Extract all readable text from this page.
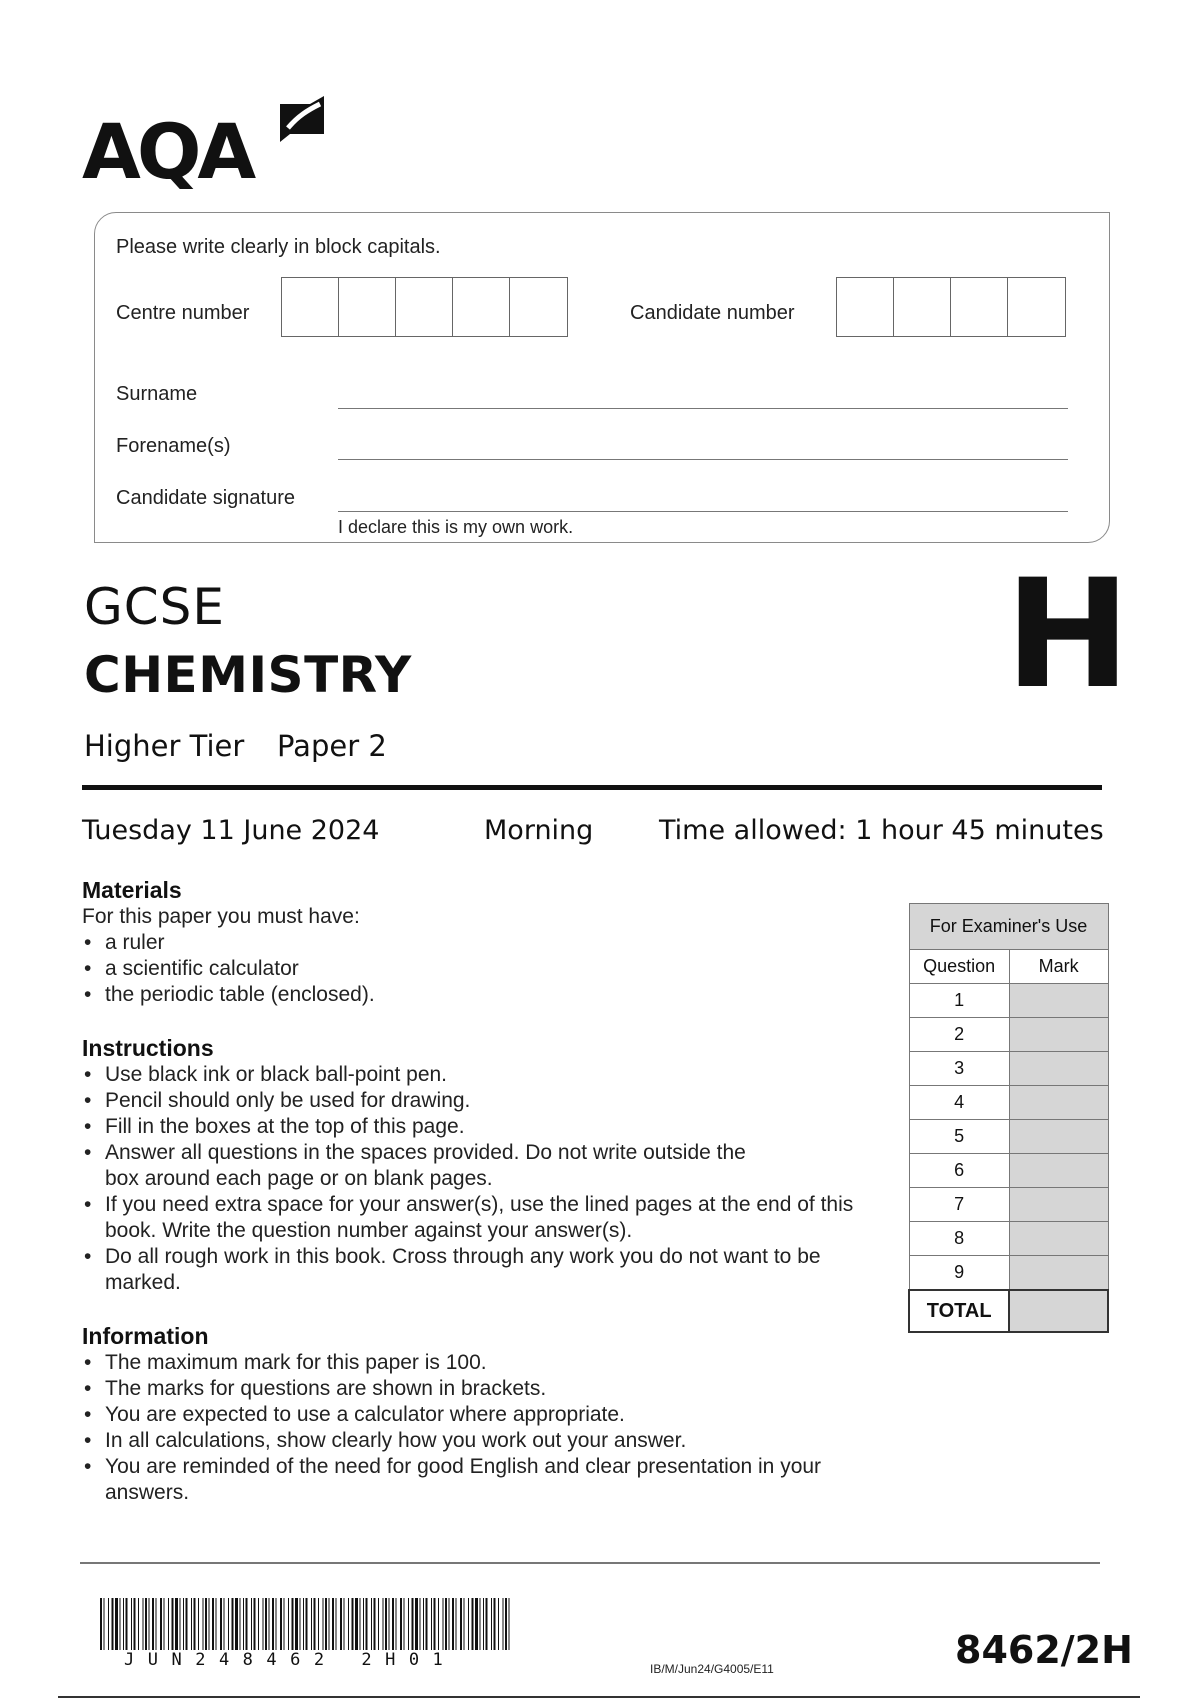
AQA
Please write clearly in block capitals.
Centre number	Candidate number
Surname
Forename(s)
Candidate signature
I declare this is my own work.
GCSE
CHEMISTRY
Higher Tier Paper 2
H
Tuesday 11 June 2024	Morning Time allowed: 1 hour 45 minutes
Materials
For this paper you must have:
• a ruler
• a scientific calculator
• the periodic table (enclosed).
Instructions
• Use black ink or black ball-point pen.
• Pencil should only be used for drawing.
• Fill in the boxes at the top of this page.
• Answer all questions in the spaces provided. Do not write outside the box around each page or on blank pages.
• If you need extra space for your answer(s), use the lined pages at the end of this book. Write the question number against your answer(s).
• Do all rough work in this book. Cross through any work you do not want to be marked.
Information
• The maximum mark for this paper is 100.
• The marks for questions are shown in brackets.
• You are expected to use a calculator where appropriate.
• In all calculations, show clearly how you work out your answer.
• You are reminded of the need for good English and clear presentation in your answers.
For Examiner's Use	
Question	Mark
1	
2	
3	
4	
5	
6	
7	
8	
9	
TOTAL	
JUN248462 2H01	IB/M/Jun24/G4005/E11	8462/2H
